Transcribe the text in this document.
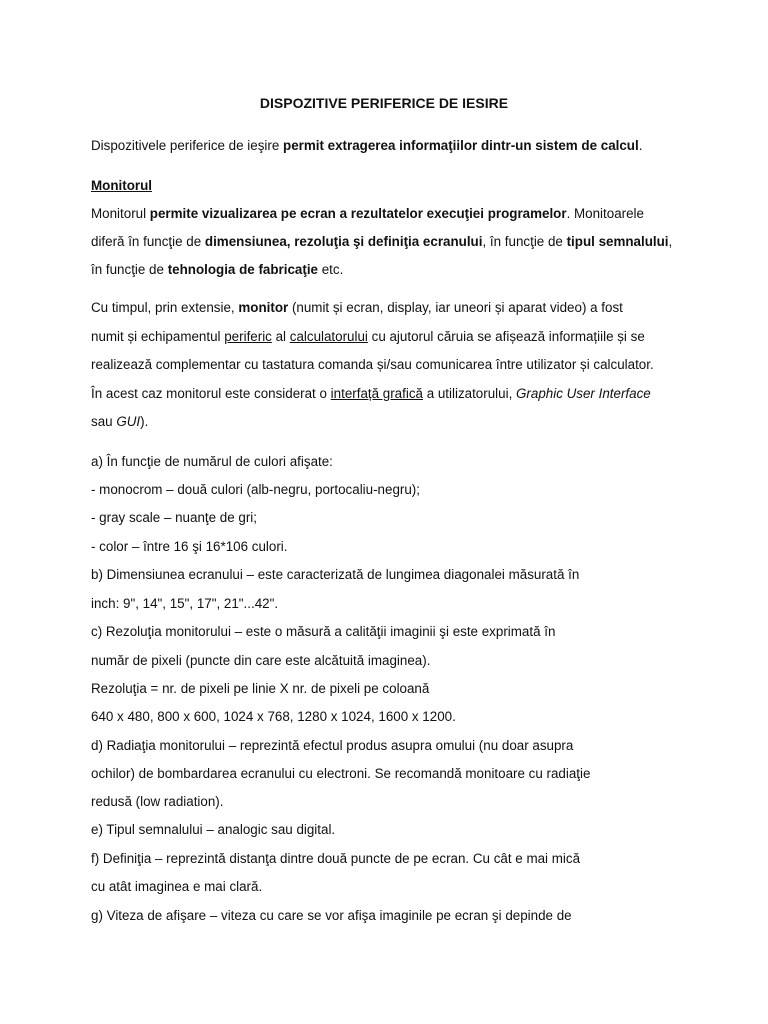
DISPOZITIVE PERIFERICE DE IESIRE
Dispozitivele periferice de ieşire permit extragerea informaţiilor dintr-un sistem de calcul.
Monitorul
Monitorul permite vizualizarea pe ecran a rezultatelor execuţiei programelor. Monitoarele
diferă în funcţie de dimensiunea, rezoluţia şi definiţia ecranului, în funcţie de tipul semnalului,
în funcţie de tehnologia de fabricaţie etc.
Cu timpul, prin extensie, monitor (numit și ecran, display, iar uneori și aparat video) a fost
numit și echipamentul periferic al calculatorului cu ajutorul căruia se afișează informațiile și se
realizează complementar cu tastatura comanda și/sau comunicarea între utilizator și calculator.
În acest caz monitorul este considerat o interfață grafică a utilizatorului, Graphic User Interface
sau GUI).
a) În funcţie de numărul de culori afişate:
- monocrom – două culori (alb-negru, portocaliu-negru);
- gray scale – nuanţe de gri;
- color – între 16 şi 16*106 culori.
b) Dimensiunea ecranului – este caracterizată de lungimea diagonalei măsurată în
inch: 9", 14", 15", 17", 21"...42".
c) Rezoluţia monitorului – este o măsură a calităţii imaginii şi este exprimată în
număr de pixeli (puncte din care este alcătuită imaginea).
Rezoluţia = nr. de pixeli pe linie X nr. de pixeli pe coloană
640 x 480, 800 x 600, 1024 x 768, 1280 x 1024, 1600 x 1200.
d) Radiaţia monitorului – reprezintă efectul produs asupra omului (nu doar asupra
ochilor) de bombardarea ecranului cu electroni. Se recomandă monitoare cu radiaţie
redusă (low radiation).
e) Tipul semnalului – analogic sau digital.
f) Definiţia – reprezintă distanţa dintre două puncte de pe ecran. Cu cât e mai mică
cu atât imaginea e mai clară.
g) Viteza de afişare – viteza cu care se vor afişa imaginile pe ecran şi depinde de
